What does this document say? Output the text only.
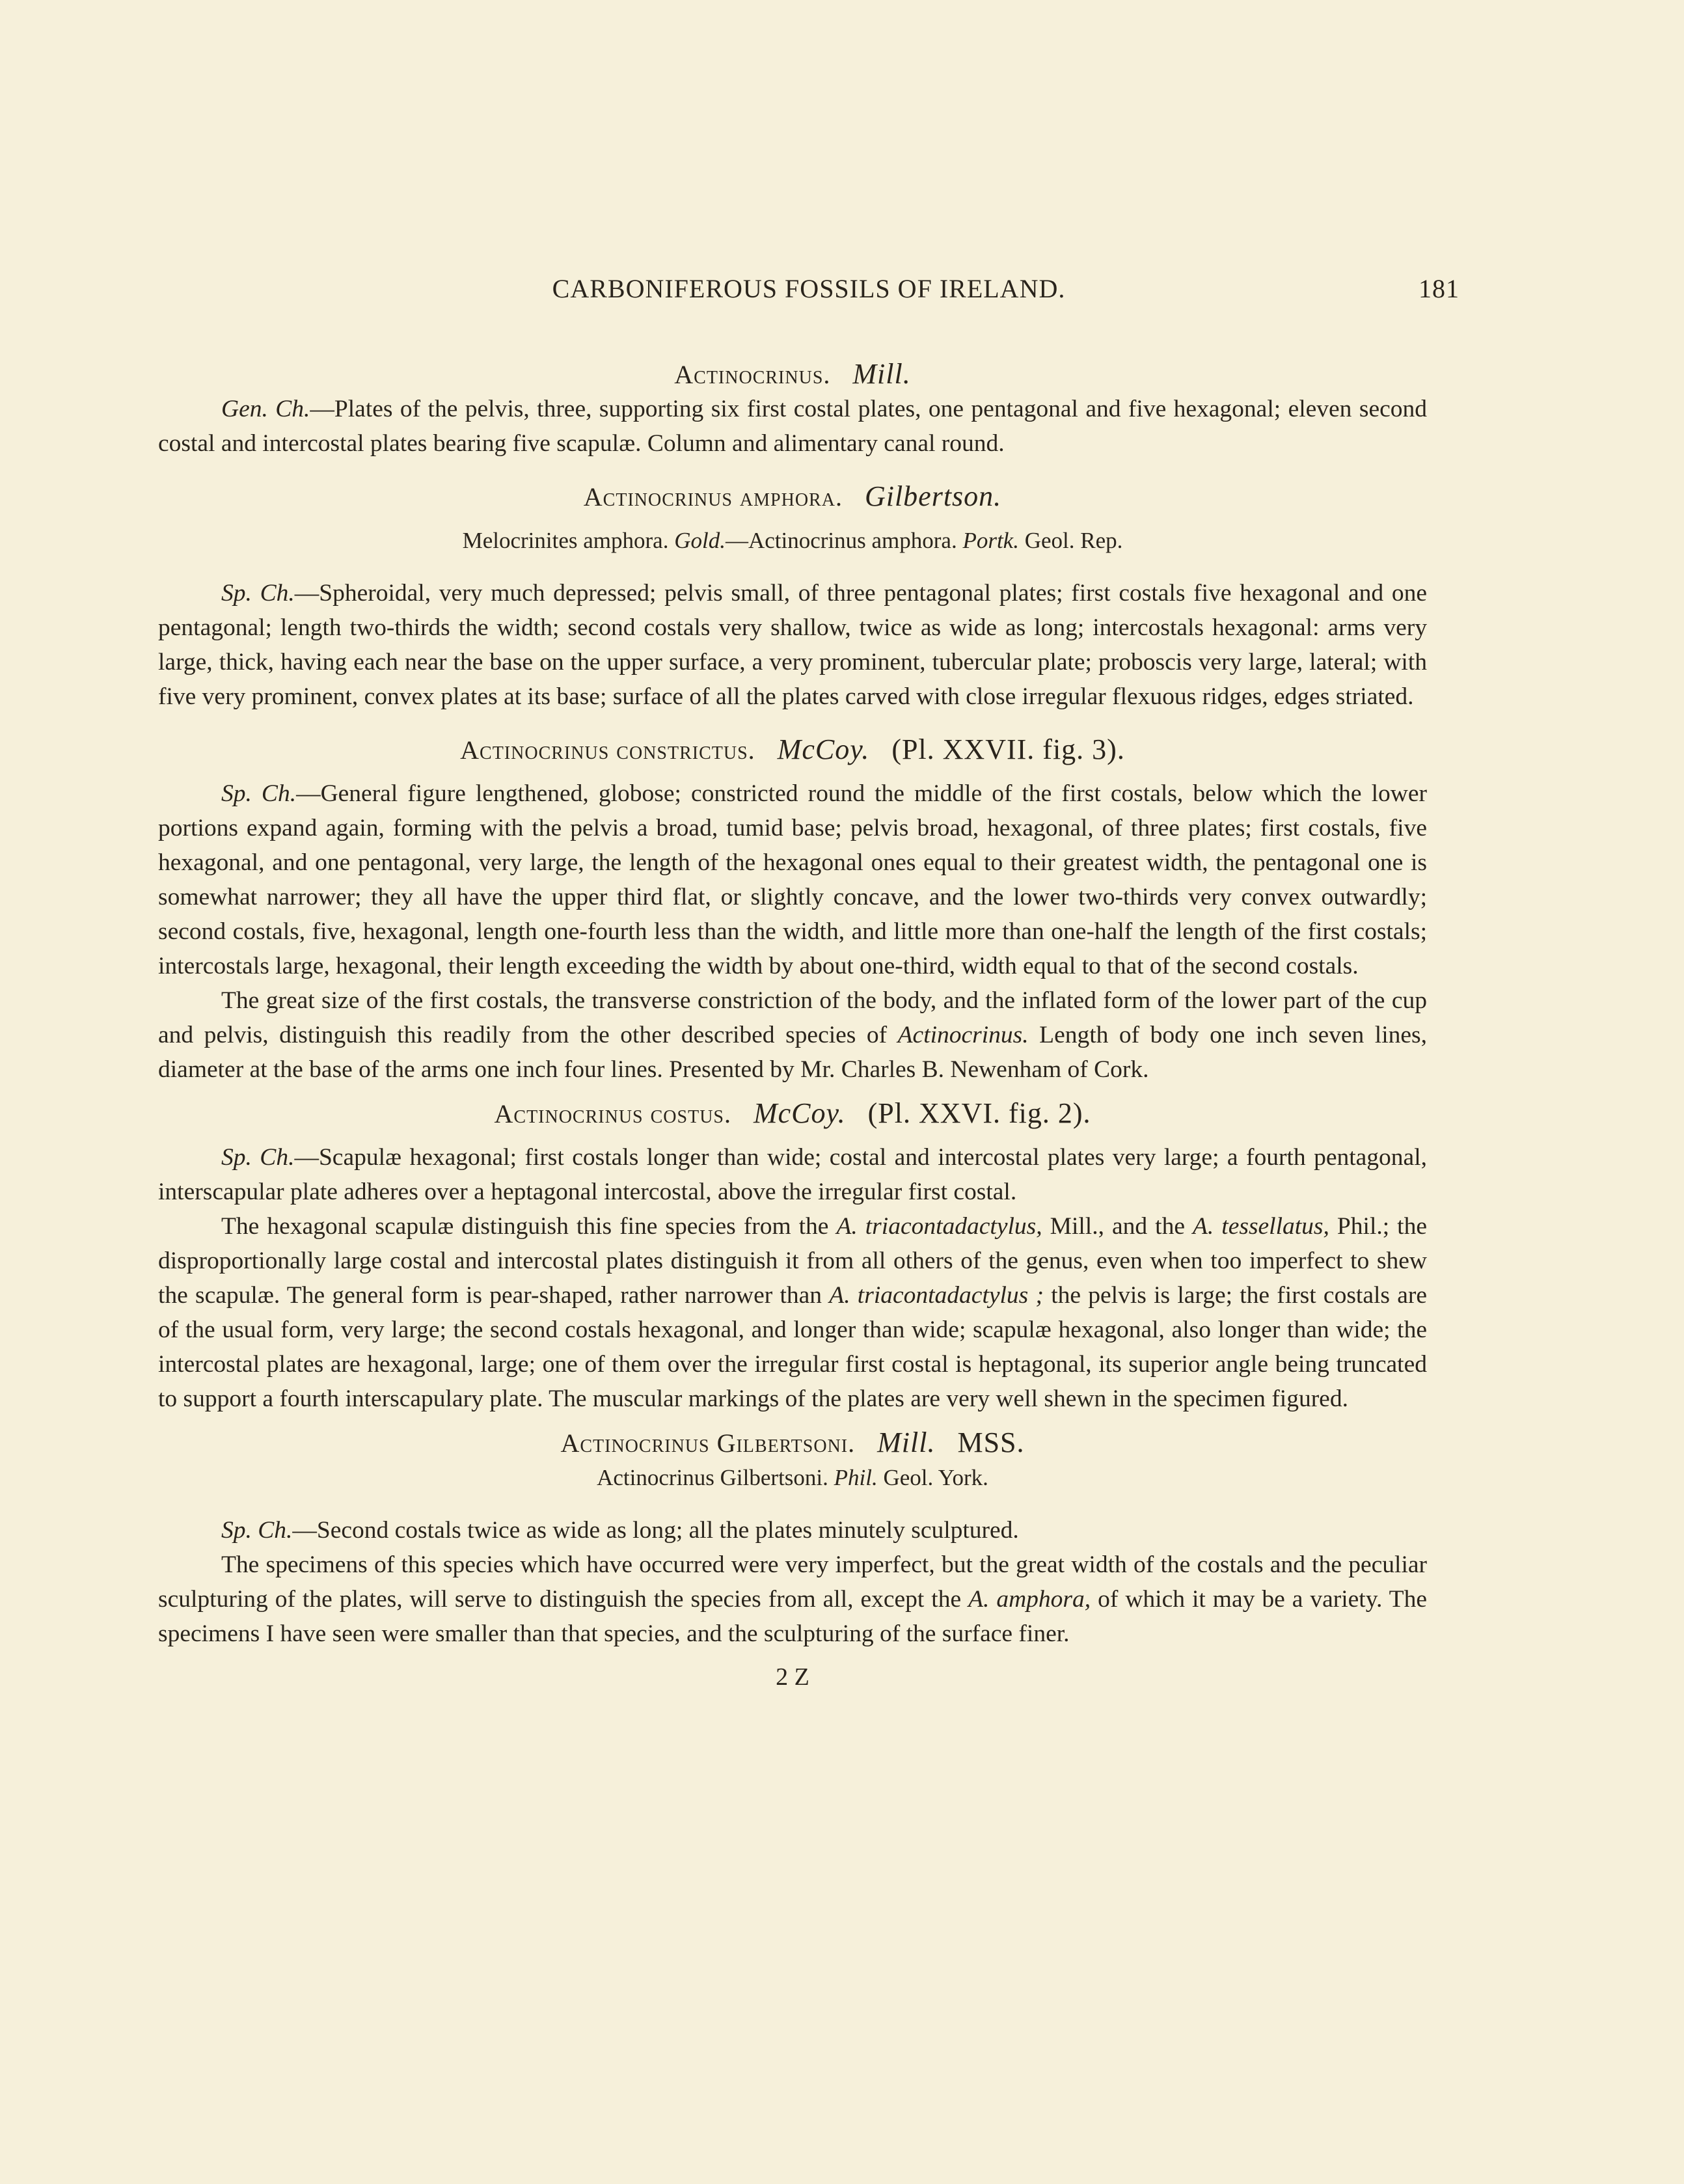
CARBONIFEROUS FOSSILS OF IRELAND.	181

Actinocrinus. Mill.

Gen. Ch.—Plates of the pelvis, three, supporting six first costal plates, one pentagonal and five hexagonal; eleven second costal and intercostal plates bearing five scapulæ. Column and alimentary canal round.

Actinocrinus amphora. Gilbertson.

Melocrinites amphora. Gold.—Actinocrinus amphora. Portk. Geol. Rep.

Sp. Ch.—Spheroidal, very much depressed; pelvis small, of three pentagonal plates; first costals five hexagonal and one pentagonal; length two-thirds the width; second costals very shallow, twice as wide as long; intercostals hexagonal: arms very large, thick, having each near the base on the upper surface, a very prominent, tubercular plate; proboscis very large, lateral; with five very prominent, convex plates at its base; surface of all the plates carved with close irregular flexuous ridges, edges striated.

Actinocrinus constrictus. McCoy. (Pl. XXVII. fig. 3).

Sp. Ch.—General figure lengthened, globose; constricted round the middle of the first costals, below which the lower portions expand again, forming with the pelvis a broad, tumid base; pelvis broad, hexagonal, of three plates; first costals, five hexagonal, and one pentagonal, very large, the length of the hexagonal ones equal to their greatest width, the pentagonal one is somewhat narrower; they all have the upper third flat, or slightly concave, and the lower two-thirds very convex outwardly; second costals, five, hexagonal, length one-fourth less than the width, and little more than one-half the length of the first costals; intercostals large, hexagonal, their length exceeding the width by about one-third, width equal to that of the second costals.

The great size of the first costals, the transverse constriction of the body, and the inflated form of the lower part of the cup and pelvis, distinguish this readily from the other described species of Actinocrinus. Length of body one inch seven lines, diameter at the base of the arms one inch four lines. Presented by Mr. Charles B. Newenham of Cork.

Actinocrinus costus. McCoy. (Pl. XXVI. fig. 2).

Sp. Ch.—Scapulæ hexagonal; first costals longer than wide; costal and intercostal plates very large; a fourth pentagonal, interscapular plate adheres over a heptagonal intercostal, above the irregular first costal.

The hexagonal scapulæ distinguish this fine species from the A. triacontadactylus, Mill., and the A. tessellatus, Phil.; the disproportionally large costal and intercostal plates distinguish it from all others of the genus, even when too imperfect to shew the scapulæ. The general form is pear-shaped, rather narrower than A. triacontadactylus ; the pelvis is large; the first costals are of the usual form, very large; the second costals hexagonal, and longer than wide; scapulæ hexagonal, also longer than wide; the intercostal plates are hexagonal, large; one of them over the irregular first costal is heptagonal, its superior angle being truncated to support a fourth interscapulary plate. The muscular markings of the plates are very well shewn in the specimen figured.

Actinocrinus Gilbertsoni. Mill. MSS.

Actinocrinus Gilbertsoni. Phil. Geol. York.

Sp. Ch.—Second costals twice as wide as long; all the plates minutely sculptured.

The specimens of this species which have occurred were very imperfect, but the great width of the costals and the peculiar sculpturing of the plates, will serve to distinguish the species from all, except the A. amphora, of which it may be a variety. The specimens I have seen were smaller than that species, and the sculpturing of the surface finer.

2 Z
